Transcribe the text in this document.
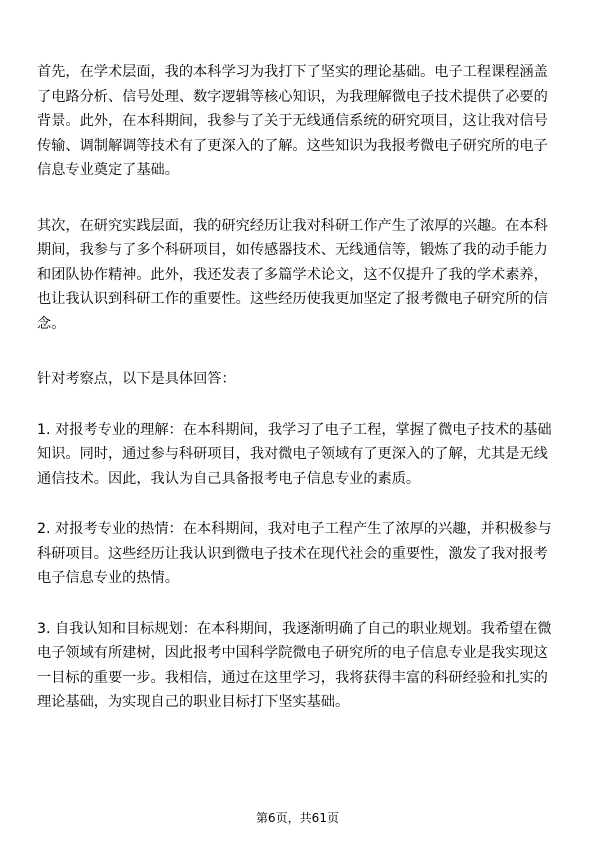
首先，在学术层面，我的本科学习为我打下了坚实的理论基础。电子工程课程涵盖
了电路分析、信号处理、数字逻辑等核心知识，为我理解微电子技术提供了必要的
背景。此外，在本科期间，我参与了关于无线通信系统的研究项目，这让我对信号
传输、调制解调等技术有了更深入的了解。这些知识为我报考微电子研究所的电子
信息专业奠定了基础。

其次，在研究实践层面，我的研究经历让我对科研工作产生了浓厚的兴趣。在本科
期间，我参与了多个科研项目，如传感器技术、无线通信等，锻炼了我的动手能力
和团队协作精神。此外，我还发表了多篇学术论文，这不仅提升了我的学术素养，
也让我认识到科研工作的重要性。这些经历使我更加坚定了报考微电子研究所的信
念。

针对考察点，以下是具体回答：

1. 对报考专业的理解：在本科期间，我学习了电子工程，掌握了微电子技术的基础
知识。同时，通过参与科研项目，我对微电子领域有了更深入的了解，尤其是无线
通信技术。因此，我认为自己具备报考电子信息专业的素质。

2. 对报考专业的热情：在本科期间，我对电子工程产生了浓厚的兴趣，并积极参与
科研项目。这些经历让我认识到微电子技术在现代社会的重要性，激发了我对报考
电子信息专业的热情。

3. 自我认知和目标规划：在本科期间，我逐渐明确了自己的职业规划。我希望在微
电子领域有所建树，因此报考中国科学院微电子研究所的电子信息专业是我实现这
一目标的重要一步。我相信，通过在这里学习，我将获得丰富的科研经验和扎实的
理论基础，为实现自己的职业目标打下坚实基础。

第6页，共61页
